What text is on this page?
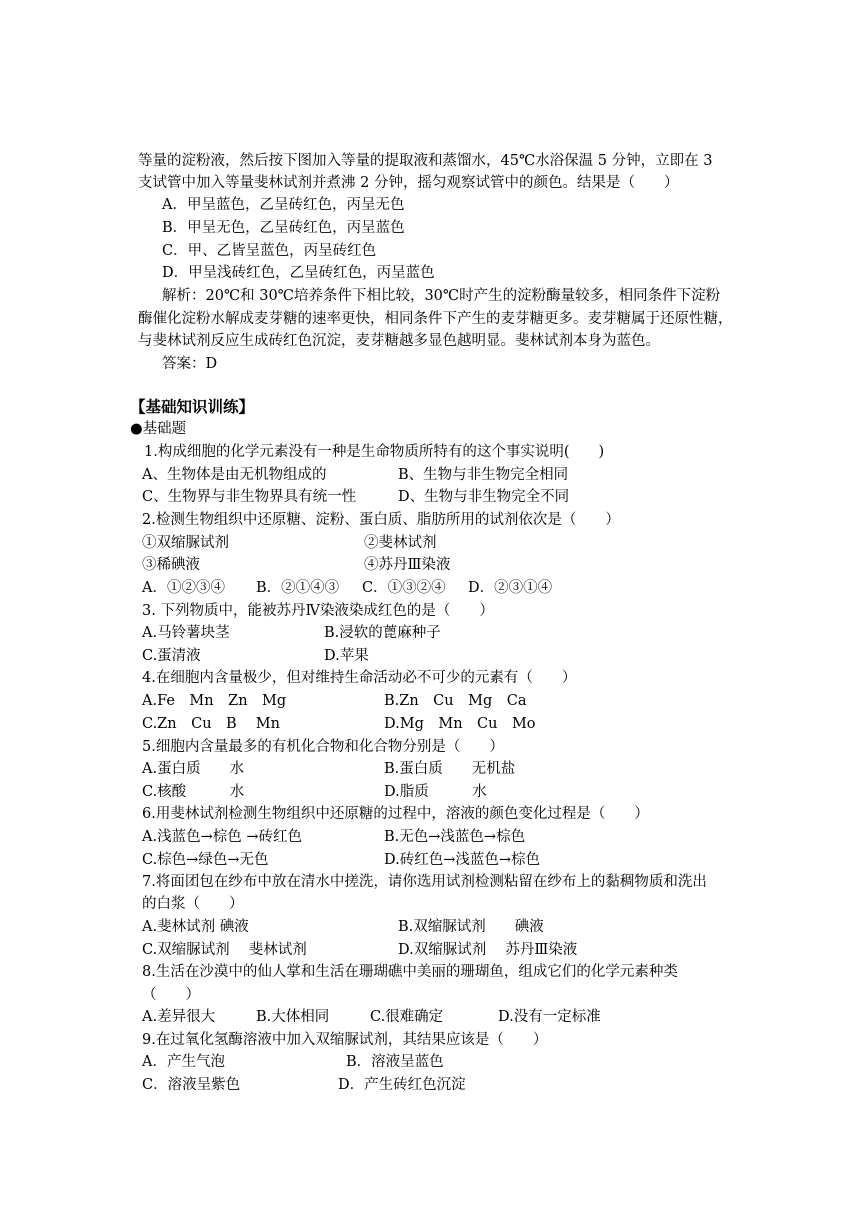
等量的淀粉液，然后按下图加入等量的提取液和蒸馏水，45℃水浴保温 5 分钟，立即在 3
支试管中加入等量斐林试剂并煮沸 2 分钟，摇匀观察试管中的颜色。结果是（　　）
A．甲呈蓝色，乙呈砖红色，丙呈无色
B．甲呈无色，乙呈砖红色，丙呈蓝色
C．甲、乙皆呈蓝色，丙呈砖红色
D．甲呈浅砖红色，乙呈砖红色，丙呈蓝色
解析：20℃和 30℃培养条件下相比较，30℃时产生的淀粉酶量较多，相同条件下淀粉
酶催化淀粉水解成麦芽糖的速率更快，相同条件下产生的麦芽糖更多。麦芽糖属于还原性糖，
与斐林试剂反应生成砖红色沉淀，麦芽糖越多显色越明显。斐林试剂本身为蓝色。
答案：D
【基础知识训练】
●基础题
1.构成细胞的化学元素没有一种是生命物质所特有的这个事实说明(　　)

A、生物体是由无机物组成的

	B、生物与非生物完全相同

C、生物界与非生物界具有统一性

	D、生物与非生物完全不同

2.检测生物组织中还原糖、淀粉、蛋白质、脂肪所用的试剂依次是（　　）

①双缩脲试剂

	②斐林试剂

③稀碘液

	④苏丹Ⅲ染液

A．①②③④

B．②①④③

C．①③②④

D．②③①④

3. 下列物质中，能被苏丹Ⅳ染液染成红色的是（　　）

A.马铃薯块茎

	B.浸软的蓖麻种子

C.蛋清液

	D.苹果

4.在细胞内含量极少，但对维持生命活动必不可少的元素有（　　）

A.Fe　Mn　Zn　Mg

	B.Zn　Cu　Mg　Ca

C.Zn　Cu　B　 Mn

	D.Mg　Mn　Cu　Mo

5.细胞内含量最多的有机化合物和化合物分别是（　　）

A.蛋白质　　水

	B.蛋白质　　无机盐

C.核酸　　　水

	D.脂质　　　水

6.用斐林试剂检测生物组织中还原糖的过程中，溶液的颜色变化过程是（　　）

A.浅蓝色→棕色 →砖红色

	B.无色→浅蓝色→棕色

C.棕色→绿色→无色

	D.砖红色→浅蓝色→棕色

7.将面团包在纱布中放在清水中搓洗，请你选用试剂检测粘留在纱布上的黏稠物质和洗出
的白浆（　　）

A.斐林试剂 碘液

	B.双缩脲试剂　　碘液

C.双缩脲试剂　 斐林试剂

	D.双缩脲试剂　 苏丹Ⅲ染液

8.生活在沙漠中的仙人掌和生活在珊瑚礁中美丽的珊瑚鱼，组成它们的化学元素种类
（　　）

A.差异很大

	B.大体相同

	C.很难确定

	D.没有一定标准

9.在过氧化氢酶溶液中加入双缩脲试剂，其结果应该是（　　）

A．产生气泡

	B．溶液呈蓝色

C．溶液呈紫色

	D．产生砖红色沉淀
